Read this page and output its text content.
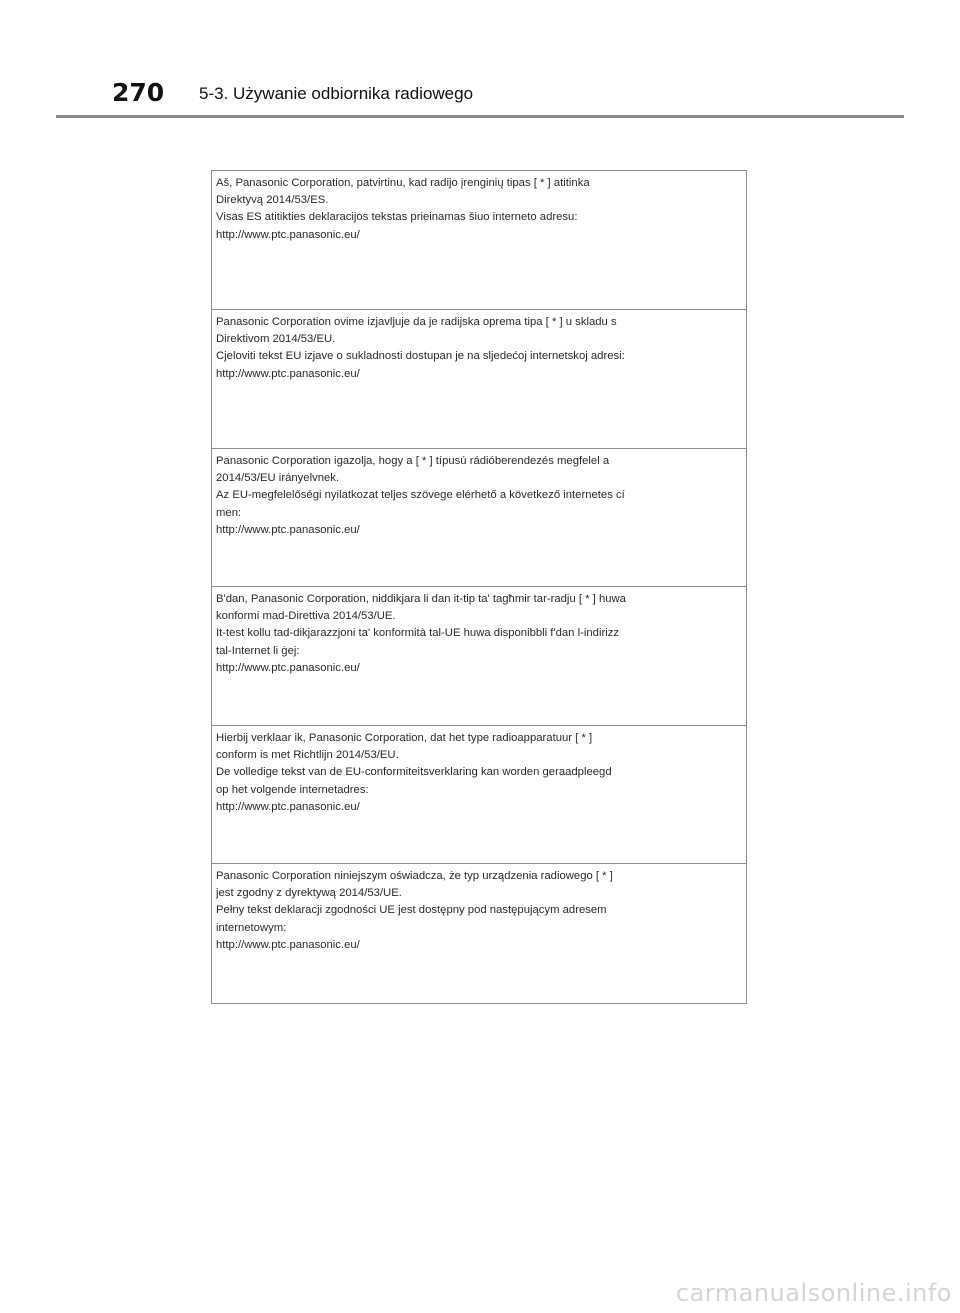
270 5-3. Używanie odbiornika radiowego
Aš, Panasonic Corporation, patvirtinu, kad radijo įrenginių tipas [ * ] atitinka
Direktyvą 2014/53/ES.
Visas ES atitikties deklaracijos tekstas prieinamas šiuo interneto adresu:
http://www.ptc.panasonic.eu/
Panasonic Corporation ovime izjavljuje da je radijska oprema tipa [ * ] u skladu s
Direktivom 2014/53/EU.
Cjeloviti tekst EU izjave o sukladnosti dostupan je na sljedećoj internetskoj adresi:
http://www.ptc.panasonic.eu/
Panasonic Corporation igazolja, hogy a [ * ] típusú rádióberendezés megfelel a
2014/53/EU irányelvnek.
Az EU-megfelelőségi nyilatkozat teljes szövege elérhető a következő internetes cí
men:
http://www.ptc.panasonic.eu/
B'dan, Panasonic Corporation, niddikjara li dan it-tip ta' tagħmir tar-radju [ * ] huwa
konformi mad-Direttiva 2014/53/UE.
It-test kollu tad-dikjarazzjoni ta' konformità tal-UE huwa disponibbli f'dan l-indirizz
tal-Internet li ġej:
http://www.ptc.panasonic.eu/
Hierbij verklaar ik, Panasonic Corporation, dat het type radioapparatuur [ * ]
conform is met Richtlijn 2014/53/EU.
De volledige tekst van de EU-conformiteitsverklaring kan worden geraadpleegd
op het volgende internetadres:
http://www.ptc.panasonic.eu/
Panasonic Corporation niniejszym oświadcza, że typ urządzenia radiowego [ * ]
jest zgodny z dyrektywą 2014/53/UE.
Pełny tekst deklaracji zgodności UE jest dostępny pod następującym adresem
internetowym:
http://www.ptc.panasonic.eu/
carmanualsonline.info
